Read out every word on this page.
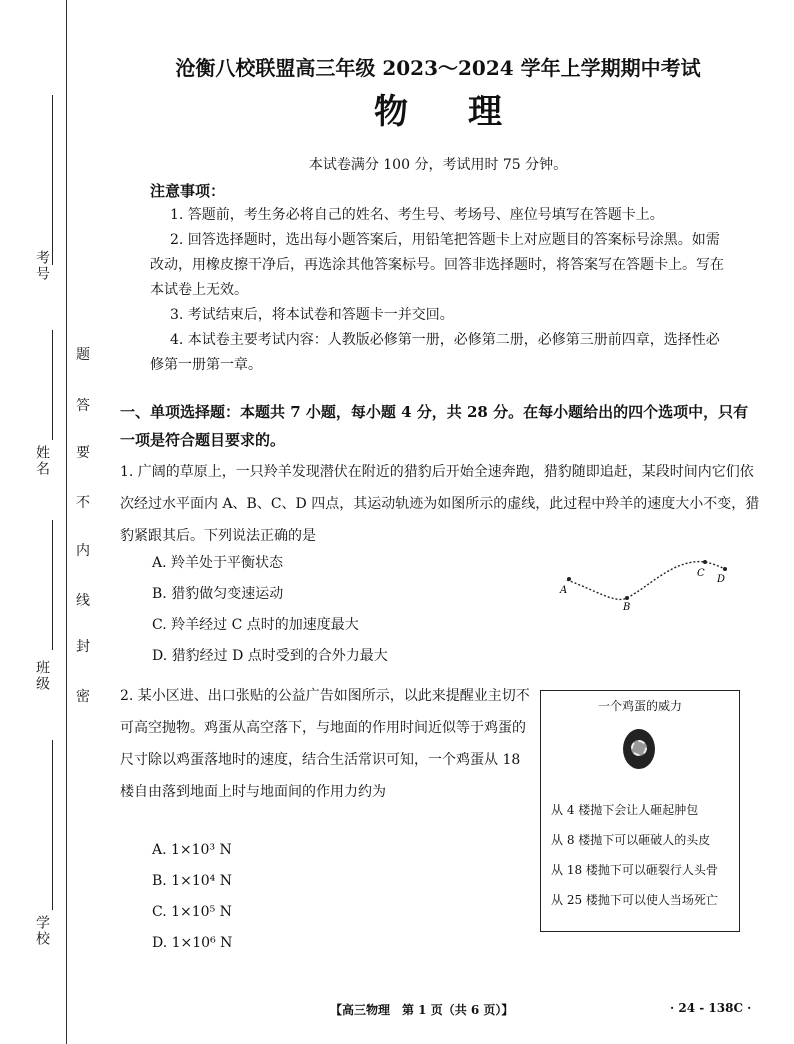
考号
姓名
班级
学校
密
封
线
内
不
要
答
题
沧衡八校联盟高三年级 2023～2024 学年上学期期中考试
物理
本试卷满分 100 分，考试用时 75 分钟。
注意事项：
1. 答题前，考生务必将自己的姓名、考生号、考场号、座位号填写在答题卡上。
2. 回答选择题时，选出每小题答案后，用铅笔把答题卡上对应题目的答案标号涂黑。如需改动，用橡皮擦干净后，再选涂其他答案标号。回答非选择题时，将答案写在答题卡上。写在本试卷上无效。
3. 考试结束后，将本试卷和答题卡一并交回。
4. 本试卷主要考试内容：人教版必修第一册，必修第二册，必修第三册前四章，选择性必修第一册第一章。
一、单项选择题：本题共 7 小题，每小题 4 分，共 28 分。在每小题给出的四个选项中，只有一项是符合题目要求的。
1. 广阔的草原上，一只羚羊发现潜伏在附近的猎豹后开始全速奔跑，猎豹随即追赶，某段时间内它们依次经过水平面内 A、B、C、D 四点，其运动轨迹为如图所示的虚线，此过程中羚羊的速度大小不变，猎豹紧跟其后。下列说法正确的是
A. 羚羊处于平衡状态
B. 猎豹做匀变速运动
C. 羚羊经过 C 点时的加速度最大
D. 猎豹经过 D 点时受到的合外力最大
A
B
C
D
2. 某小区进、出口张贴的公益广告如图所示，以此来提醒业主切不可高空抛物。鸡蛋从高空落下，与地面的作用时间近似等于鸡蛋的尺寸除以鸡蛋落地时的速度，结合生活常识可知，一个鸡蛋从 18 楼自由落到地面上时与地面间的作用力约为
A. 1×10³ N
B. 1×10⁴ N
C. 1×10⁵ N
D. 1×10⁶ N
一个鸡蛋的威力
从 4 楼抛下会让人砸起肿包
从 8 楼抛下可以砸破人的头皮
从 18 楼抛下可以砸裂行人头骨
从 25 楼抛下可以使人当场死亡
【高三物理　第 1 页（共 6 页）】	· 24 - 138C ·
